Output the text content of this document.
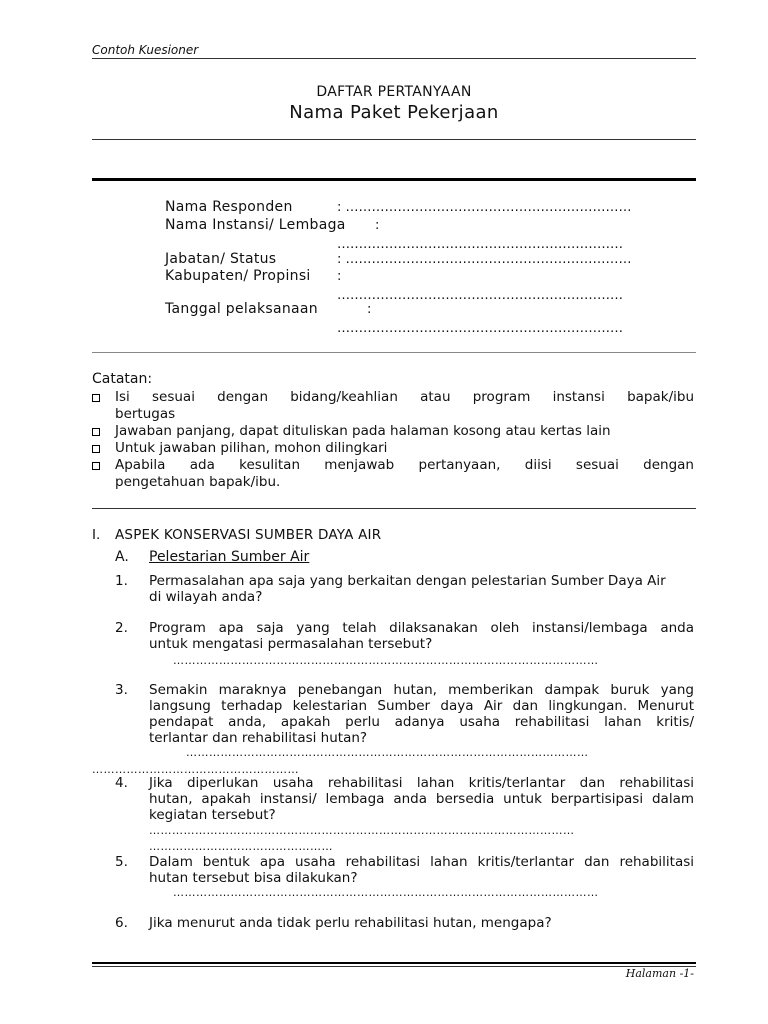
Contoh Kuesioner
DAFTAR PERTANYAAN
Nama Paket Pekerjaan
Nama Responden	: …………………………………………………………
Nama Instansi/ Lembaga :
…………………………………………………………
Jabatan/ Status	: …………………………………………………………
Kabupaten/ Propinsi :
…………………………………………………………
Tanggal pelaksanaan	:
…………………………………………………………
Catatan:
Isi sesuai dengan bidang/keahlian atau program instansi bapak/ibu
bertugas
Jawaban panjang, dapat dituliskan pada halaman kosong atau kertas lain
Untuk jawaban pilihan, mohon dilingkari
Apabila ada kesulitan menjawab pertanyaan, diisi sesuai dengan
pengetahuan bapak/ibu.
I. ASPEK KONSERVASI SUMBER DAYA AIR
A. Pelestarian Sumber Air
1. Permasalahan apa saja yang berkaitan dengan pelestarian Sumber Daya Air
di wilayah anda?
2. Program apa saja yang telah dilaksanakan oleh instansi/lembaga anda
untuk mengatasi permasalahan tersebut?
…………………………………………………………………………………………………
3. Semakin maraknya penebangan hutan, memberikan dampak buruk yang
langsung terhadap kelestarian Sumber daya Air dan lingkungan. Menurut
pendapat anda, apakah perlu adanya usaha rehabilitasi lahan kritis/
terlantar dan rehabilitasi hutan?
……………………………………………………………………………………………
………………………………………………
4. Jika diperlukan usaha rehabilitasi lahan kritis/terlantar dan rehabilitasi
hutan, apakah instansi/ lembaga anda bersedia untuk berpartisipasi dalam
kegiatan tersebut?
…………………………………………………………………………………………………
…………………………………………
5. Dalam bentuk apa usaha rehabilitasi lahan kritis/terlantar dan rehabilitasi
hutan tersebut bisa dilakukan?
…………………………………………………………………………………………………
6. Jika menurut anda tidak perlu rehabilitasi hutan, mengapa?
Halaman -1-
